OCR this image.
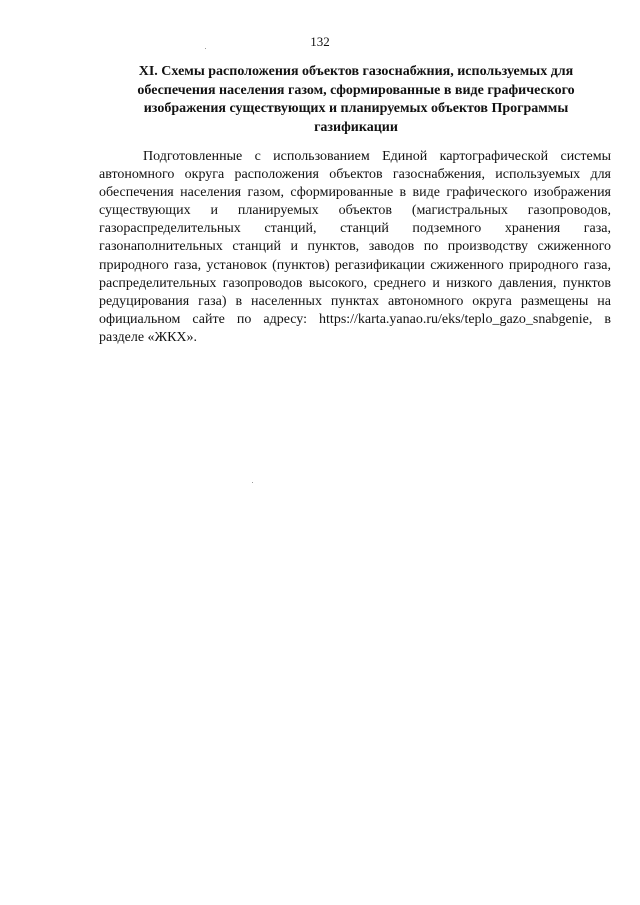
132
XI. Схемы расположения объектов газоснабжния, используемых для обеспечения населения газом, сформированные в виде графического изображения существующих и планируемых объектов Программы газификации

Подготовленные с использованием Единой картографической системы автономного округа расположения объектов газоснабжения, используемых для обеспечения населения газом, сформированные в виде графического изображения существующих и планируемых объектов (магистральных газопроводов, газораспределительных станций, станций подземного хранения газа, газонаполнительных станций и пунктов, заводов по производству сжиженного природного газа, установок (пунктов) регазификации сжиженного природного газа, распределительных газопроводов высокого, среднего и низкого давления, пунктов редуцирования газа) в населенных пунктах автономного округа размещены на официальном сайте по адресу: https://karta.yanao.ru/eks/teplo_gazo_snabgenie, в разделе «ЖКХ».
